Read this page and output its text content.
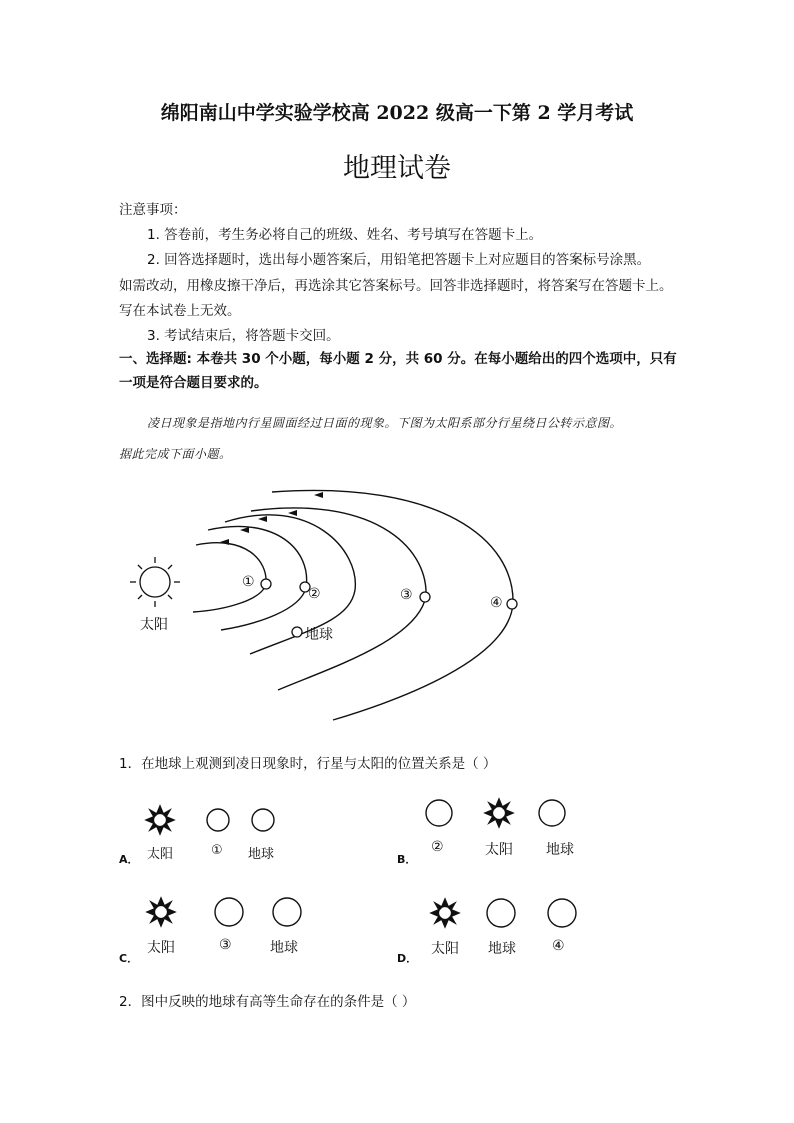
绵阳南山中学实验学校高 2022 级高一下第 2 学月考试
地理试卷
注意事项：
1. 答卷前，考生务必将自己的班级、姓名、考号填写在答题卡上。
2. 回答选择题时，选出每小题答案后，用铅笔把答题卡上对应题目的答案标号涂黑。
如需改动，用橡皮擦干净后，再选涂其它答案标号。回答非选择题时，将答案写在答题卡上。
写在本试卷上无效。
3. 考试结束后，将答题卡交回。
一、选择题: 本卷共 30 个小题，每小题 2 分，共 60 分。在每小题给出的四个选项中，只有
一项是符合题目要求的。
凌日现象是指地内行星圆面经过日面的现象。下图为太阳系部分行星绕日公转示意图。
据此完成下面小题。
太阳
地球
①
②	③	④
1．在地球上观测到凌日现象时，行星与太阳的位置关系是（ ）
A． 太阳	① 地球	B．
②	太阳 地球
C．
太阳	③	地球
D．
太阳 地球	④
2．图中反映的地球有高等生命存在的条件是（ ）
